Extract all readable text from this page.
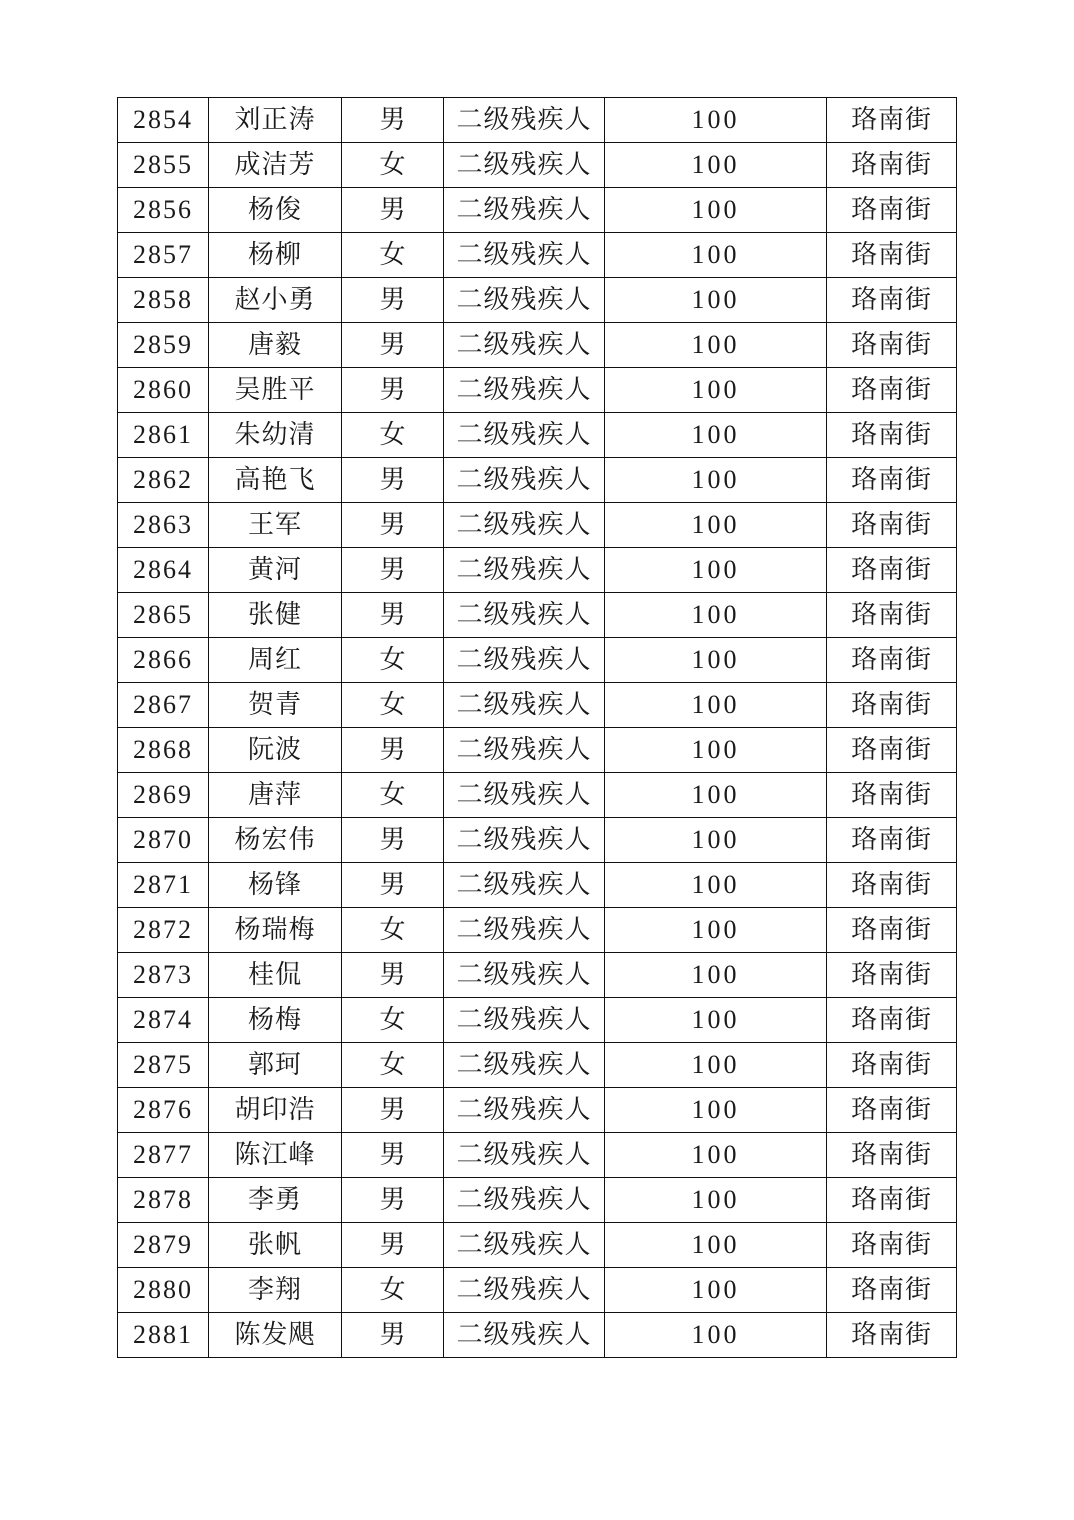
2854	刘正涛	男	二级残疾人	100	珞南街
2855	成洁芳	女	二级残疾人	100	珞南街
2856	杨俊	男	二级残疾人	100	珞南街
2857	杨柳	女	二级残疾人	100	珞南街
2858	赵小勇	男	二级残疾人	100	珞南街
2859	唐毅	男	二级残疾人	100	珞南街
2860	吴胜平	男	二级残疾人	100	珞南街
2861	朱幼清	女	二级残疾人	100	珞南街
2862	高艳飞	男	二级残疾人	100	珞南街
2863	王军	男	二级残疾人	100	珞南街
2864	黄河	男	二级残疾人	100	珞南街
2865	张健	男	二级残疾人	100	珞南街
2866	周红	女	二级残疾人	100	珞南街
2867	贺青	女	二级残疾人	100	珞南街
2868	阮波	男	二级残疾人	100	珞南街
2869	唐萍	女	二级残疾人	100	珞南街
2870	杨宏伟	男	二级残疾人	100	珞南街
2871	杨锋	男	二级残疾人	100	珞南街
2872	杨瑞梅	女	二级残疾人	100	珞南街
2873	桂侃	男	二级残疾人	100	珞南街
2874	杨梅	女	二级残疾人	100	珞南街
2875	郭珂	女	二级残疾人	100	珞南街
2876	胡印浩	男	二级残疾人	100	珞南街
2877	陈江峰	男	二级残疾人	100	珞南街
2878	李勇	男	二级残疾人	100	珞南街
2879	张帆	男	二级残疾人	100	珞南街
2880	李翔	女	二级残疾人	100	珞南街
2881	陈发飓	男	二级残疾人	100	珞南街
